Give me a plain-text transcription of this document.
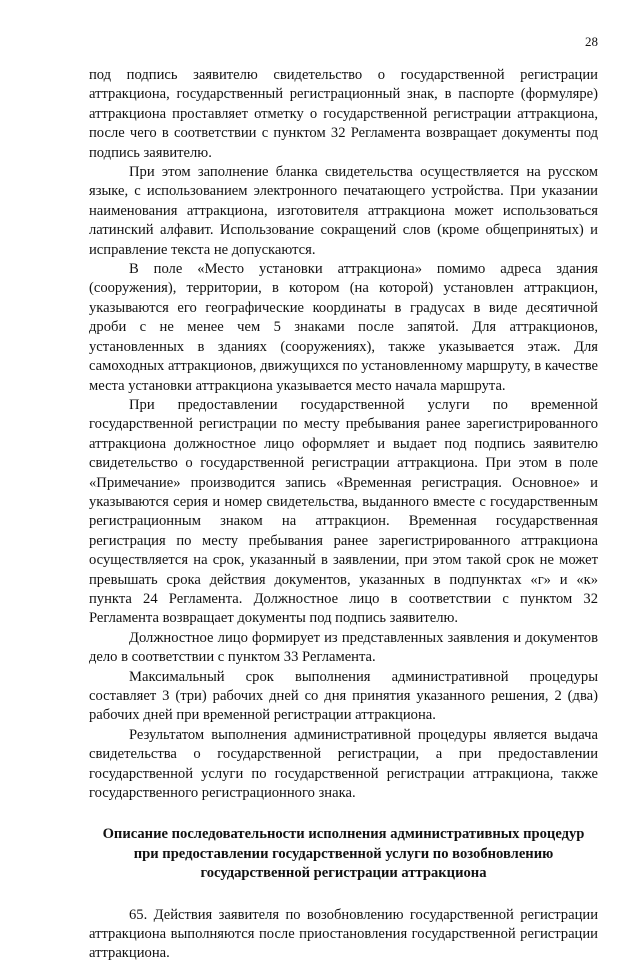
28

под подпись заявителю свидетельство о государственной регистрации аттракциона, государственный регистрационный знак, в паспорте (формуляре) аттракциона проставляет отметку о государственной регистрации аттракциона, после чего в соответствии с пунктом 32 Регламента возвращает документы под подпись заявителю.

При этом заполнение бланка свидетельства осуществляется на русском языке, с использованием электронного печатающего устройства. При указании наименования аттракциона, изготовителя аттракциона может использоваться латинский алфавит. Использование сокращений слов (кроме общепринятых) и исправление текста не допускаются.

В поле «Место установки аттракциона» помимо адреса здания (сооружения), территории, в котором (на которой) установлен аттракцион, указываются его географические координаты в градусах в виде десятичной дроби с не менее чем 5 знаками после запятой. Для аттракционов, установленных в зданиях (сооружениях), также указывается этаж. Для самоходных аттракционов, движущихся по установленному маршруту, в качестве места установки аттракциона указывается место начала маршрута.

При предоставлении государственной услуги по временной государственной регистрации по месту пребывания ранее зарегистрированного аттракциона должностное лицо оформляет и выдает под подпись заявителю свидетельство о государственной регистрации аттракциона. При этом в поле «Примечание» производится запись «Временная регистрация. Основное» и указываются серия и номер свидетельства, выданного вместе с государственным регистрационным знаком на аттракцион. Временная государственная регистрация по месту пребывания ранее зарегистрированного аттракциона осуществляется на срок, указанный в заявлении, при этом такой срок не может превышать срока действия документов, указанных в подпунктах «г» и «к» пункта 24 Регламента. Должностное лицо в соответствии с пунктом 32 Регламента возвращает документы под подпись заявителю.

Должностное лицо формирует из представленных заявления и документов дело в соответствии с пунктом 33 Регламента.

Максимальный срок выполнения административной процедуры составляет 3 (три) рабочих дней со дня принятия указанного решения, 2 (два) рабочих дней при временной регистрации аттракциона.

Результатом выполнения административной процедуры является выдача свидетельства о государственной регистрации, а при предоставлении государственной услуги по государственной регистрации аттракциона, также государственного регистрационного знака.

Описание последовательности исполнения административных процедур при предоставлении государственной услуги по возобновлению государственной регистрации аттракциона

65. Действия заявителя по возобновлению государственной регистрации аттракциона выполняются после приостановления государственной регистрации аттракциона.
